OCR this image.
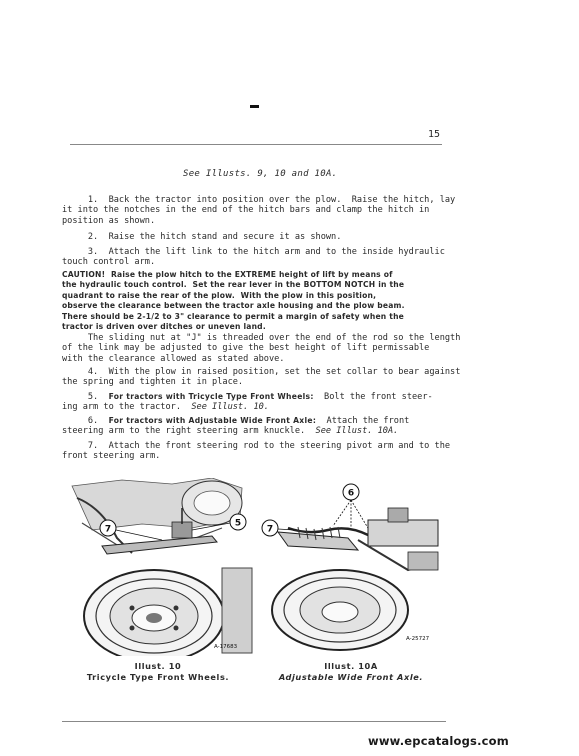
15
See Illusts. 9, 10 and 10A.
1.  Back the tractor into position over the plow.  Raise the hitch, lay
it into the notches in the end of the hitch bars and clamp the hitch in
position as shown.
2.  Raise the hitch stand and secure it as shown.
3.  Attach the lift link to the hitch arm and to the inside hydraulic
touch control arm.
CAUTION!  Raise the plow hitch to the EXTREME height of lift by means of
the hydraulic touch control.  Set the rear lever in the BOTTOM NOTCH in the
quadrant to raise the rear of the plow.  With the plow in this position,
observe the clearance between the tractor axle housing and the plow beam.
There should be 2-1/2 to 3" clearance to permit a margin of safety when the
tractor is driven over ditches or uneven land.
The sliding nut at "J" is threaded over the end of the rod so the length
of the link may be adjusted to give the best height of lift permissable
with the clearance allowed as stated above.
4.  With the plow in raised position, set the set collar to bear against
the spring and tighten it in place.
5.  For tractors with Tricycle Type Front Wheels:  Bolt the front steer-
ing arm to the tractor.  See Illust. 10.
6.  For tractors with Adjustable Wide Front Axle:  Attach the front
steering arm to the right steering arm knuckle.  See Illust. 10A.
7.  Attach the front steering rod to the steering pivot arm and to the
front steering arm.
7
5
A-17683
6
7
A-25727
Illust. 10
Tricycle Type Front Wheels.
Illust. 10A
Adjustable Wide Front Axle.
www.epcatalogs.com
